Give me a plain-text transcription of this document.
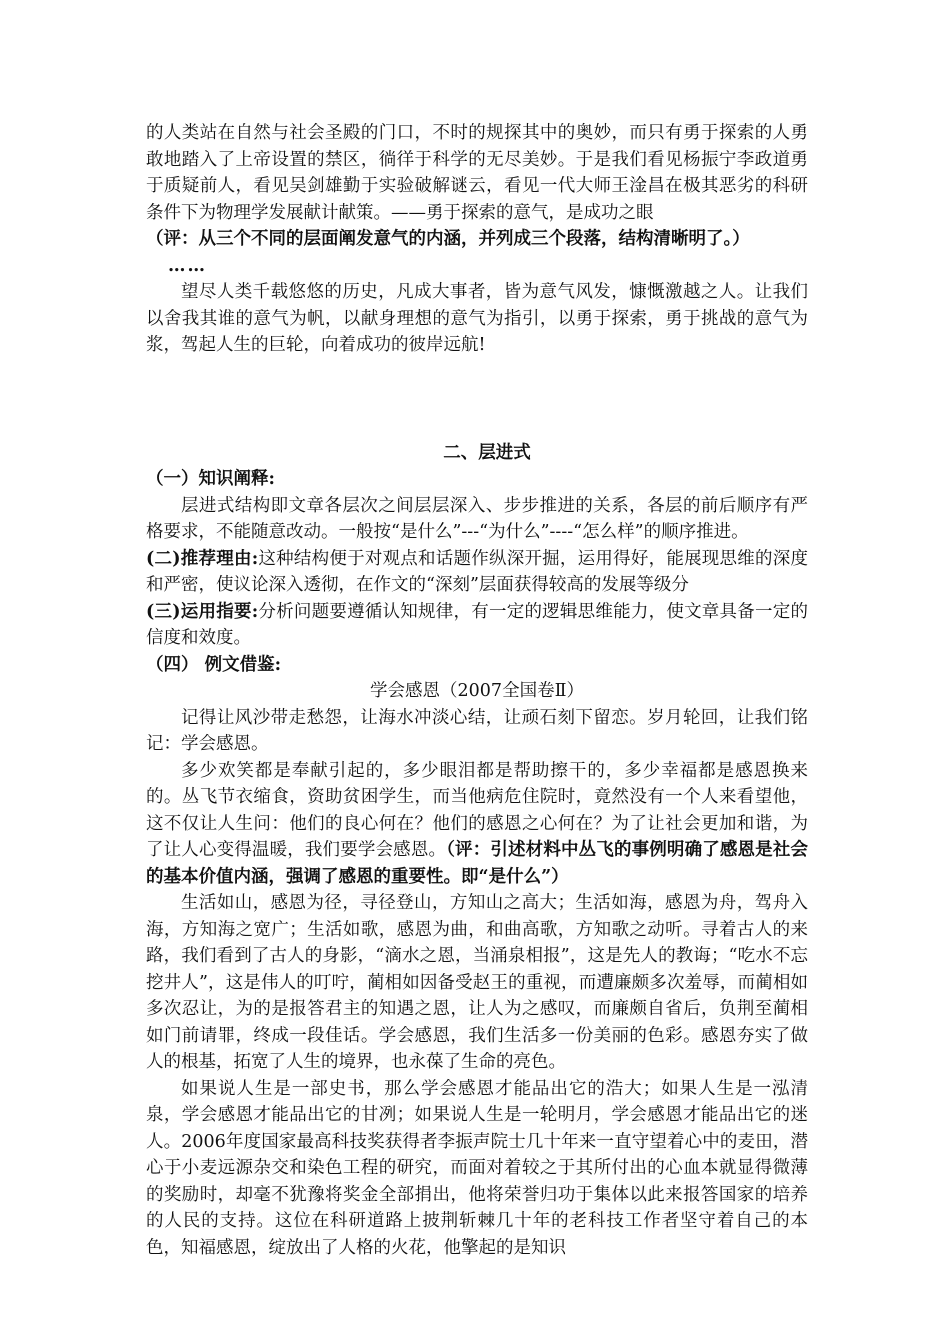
的人类站在自然与社会圣殿的门口，不时的规探其中的奥妙，而只有勇于探索的人勇敢地踏入了上帝设置的禁区，徜徉于科学的无尽美妙。于是我们看见杨振宁李政道勇于质疑前人，看见吴剑雄勤于实验破解谜云，看见一代大师王淦昌在极其恶劣的科研条件下为物理学发展献计献策。——勇于探索的意气，是成功之眼

（评：从三个不同的层面阐发意气的内涵，并列成三个段落，结构清晰明了。）

……

望尽人类千载悠悠的历史，凡成大事者，皆为意气风发，慷慨激越之人。让我们以舍我其谁的意气为帆，以献身理想的意气为指引，以勇于探索，勇于挑战的意气为浆，驾起人生的巨轮，向着成功的彼岸远航!

二、层进式

（一）知识阐释:

层进式结构即文章各层次之间层层深入、步步推进的关系，各层的前后顺序有严格要求，不能随意改动。一般按“是什么”---“为什么”----“怎么样”的顺序推进。

(二)推荐理由:这种结构便于对观点和话题作纵深开掘，运用得好，能展现思维的深度和严密，使议论深入透彻，在作文的“深刻”层面获得较高的发展等级分

(三)运用指要:分析问题要遵循认知规律，有一定的逻辑思维能力，使文章具备一定的信度和效度。

（四） 例文借鉴:

学会感恩（2007全国卷Ⅱ）

记得让风沙带走愁怨，让海水冲淡心结，让顽石刻下留恋。岁月轮回，让我们铭记：学会感恩。

多少欢笑都是奉献引起的，多少眼泪都是帮助擦干的，多少幸福都是感恩换来的。丛飞节衣缩食，资助贫困学生，而当他病危住院时，竟然没有一个人来看望他，这不仅让人生问：他们的良心何在？他们的感恩之心何在？为了让社会更加和谐，为了让人心变得温暖，我们要学会感恩。（评：引述材料中丛飞的事例明确了感恩是社会的基本价值内涵，强调了感恩的重要性。即“是什么”）

生活如山，感恩为径，寻径登山，方知山之高大；生活如海，感恩为舟，驾舟入海，方知海之宽广；生活如歌，感恩为曲，和曲高歌，方知歌之动听。寻着古人的来路，我们看到了古人的身影，“滴水之恩，当涌泉相报”，这是先人的教诲；“吃水不忘挖井人”，这是伟人的叮咛，蔺相如因备受赵王的重视，而遭廉颇多次羞辱，而蔺相如多次忍让，为的是报答君主的知遇之恩，让人为之感叹，而廉颇自省后，负荆至蔺相如门前请罪，终成一段佳话。学会感恩，我们生活多一份美丽的色彩。感恩夯实了做人的根基，拓宽了人生的境界，也永葆了生命的亮色。

如果说人生是一部史书，那么学会感恩才能品出它的浩大；如果人生是一泓清泉，学会感恩才能品出它的甘冽；如果说人生是一轮明月，学会感恩才能品出它的迷人。2006年度国家最高科技奖获得者李振声院士几十年来一直守望着心中的麦田，潜心于小麦远源杂交和染色工程的研究，而面对着较之于其所付出的心血本就显得微薄的奖励时，却毫不犹豫将奖金全部捐出，他将荣誉归功于集体以此来报答国家的培养的人民的支持。这位在科研道路上披荆斩棘几十年的老科技工作者坚守着自己的本色，知福感恩，绽放出了人格的火花，他擎起的是知识
